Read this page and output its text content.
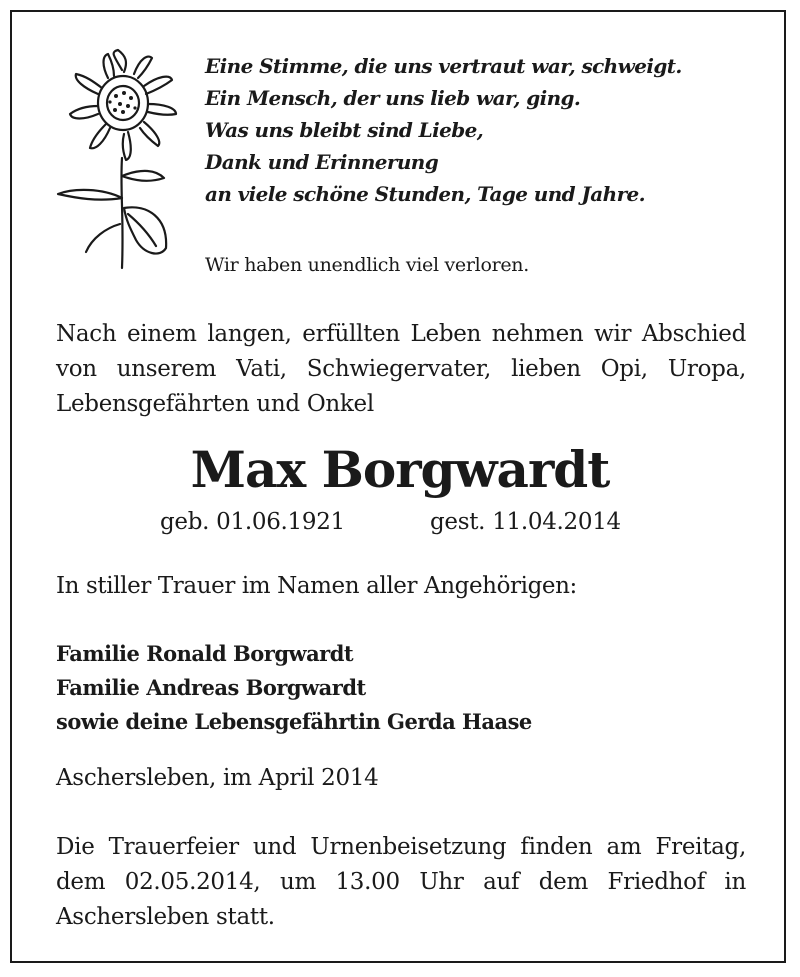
Eine Stimme, die uns vertraut war, schweigt.
Ein Mensch, der uns lieb war, ging.
Was uns bleibt sind Liebe,
Dank und Erinnerung
an viele schöne Stunden, Tage und Jahre.
Wir haben unendlich viel verloren.
Nach einem langen, erfüllten Leben nehmen wir Abschied von unserem Vati, Schwiegervater, lieben Opi, Uropa, Lebensgefährten und Onkel
Max Borgwardt
geb. 01.06.1921	gest. 11.04.2014
In stiller Trauer im Namen aller Angehörigen:
Familie Ronald Borgwardt
Familie Andreas Borgwardt
sowie deine Lebensgefährtin Gerda Haase
Aschersleben, im April 2014
Die Trauerfeier und Urnenbeisetzung finden am Freitag, dem 02.05.2014, um 13.00 Uhr auf dem Friedhof in Aschersleben statt.
